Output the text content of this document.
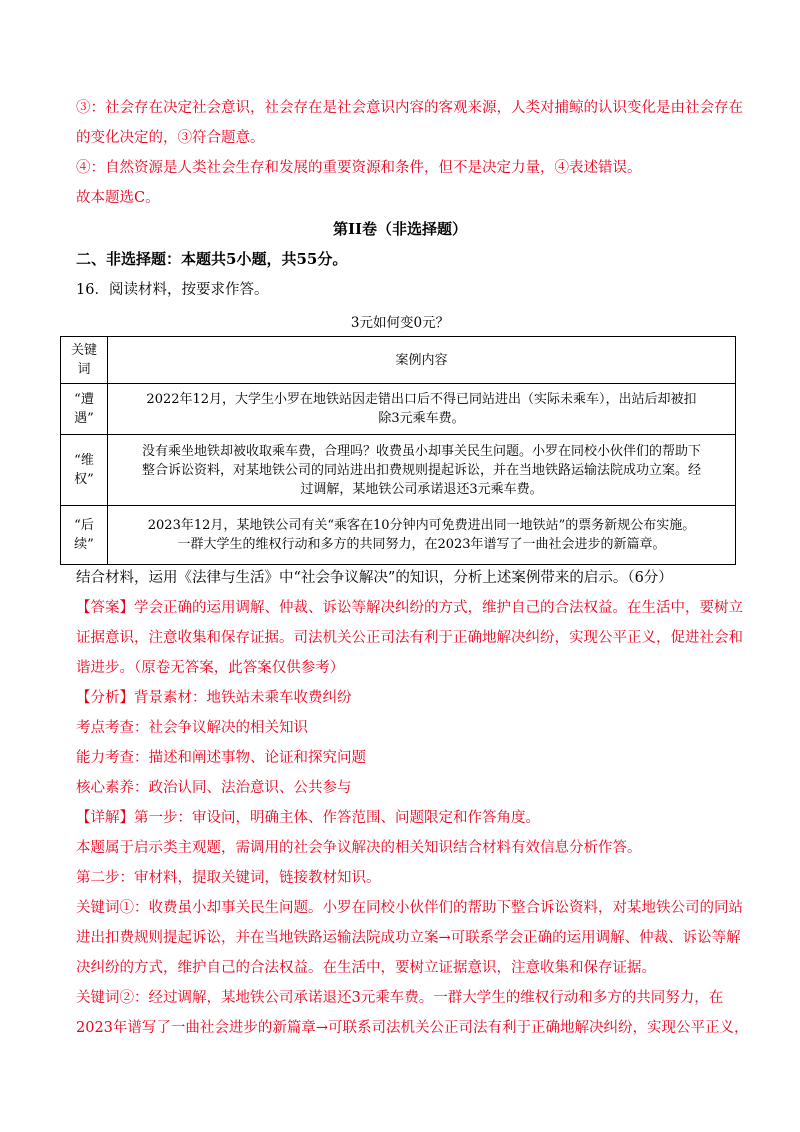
③：社会存在决定社会意识，社会存在是社会意识内容的客观来源，人类对捕鲸的认识变化是由社会存在
的变化决定的，③符合题意。
④：自然资源是人类社会生存和发展的重要资源和条件，但不是决定力量，④表述错误。
故本题选C。
第II卷（非选择题）
二、非选择题：本题共5小题，共55分。
16．阅读材料，按要求作答。
3元如何变0元？
关键词	案例内容
“遭遇”	2022年12月，大学生小罗在地铁站因走错出口后不得已同站进出（实际未乘车），出站后却被扣
除3元乘车费。

“维权”	没有乘坐地铁却被收取乘车费，合理吗？收费虽小却事关民生问题。小罗在同校小伙伴们的帮助下
整合诉讼资料，对某地铁公司的同站进出扣费规则提起诉讼，并在当地铁路运输法院成功立案。经
过调解，某地铁公司承诺退还3元乘车费。

“后续”	2023年12月，某地铁公司有关“乘客在10分钟内可免费进出同一地铁站”的票务新规公布实施。
一群大学生的维权行动和多方的共同努力，在2023年谱写了一曲社会进步的新篇章。
结合材料，运用《法律与生活》中“社会争议解决”的知识，分析上述案例带来的启示。（6分）
【答案】学会正确的运用调解、仲裁、诉讼等解决纠纷的方式，维护自己的合法权益。在生活中，要树立
证据意识，注意收集和保存证据。司法机关公正司法有利于正确地解决纠纷，实现公平正义，促进社会和
谐进步。（原卷无答案，此答案仅供参考）
【分析】背景素材：地铁站未乘车收费纠纷
考点考查：社会争议解决的相关知识
能力考查：描述和阐述事物、论证和探究问题
核心素养：政治认同、法治意识、公共参与
【详解】第一步：审设问，明确主体、作答范围、问题限定和作答角度。
本题属于启示类主观题，需调用的社会争议解决的相关知识结合材料有效信息分析作答。
第二步：审材料，提取关键词，链接教材知识。
关键词①：收费虽小却事关民生问题。小罗在同校小伙伴们的帮助下整合诉讼资料，对某地铁公司的同站
进出扣费规则提起诉讼，并在当地铁路运输法院成功立案→可联系学会正确的运用调解、仲裁、诉讼等解
决纠纷的方式，维护自己的合法权益。在生活中，要树立证据意识，注意收集和保存证据。
关键词②：经过调解，某地铁公司承诺退还3元乘车费。一群大学生的维权行动和多方的共同努力，在
2023年谱写了一曲社会进步的新篇章→可联系司法机关公正司法有利于正确地解决纠纷，实现公平正义，
